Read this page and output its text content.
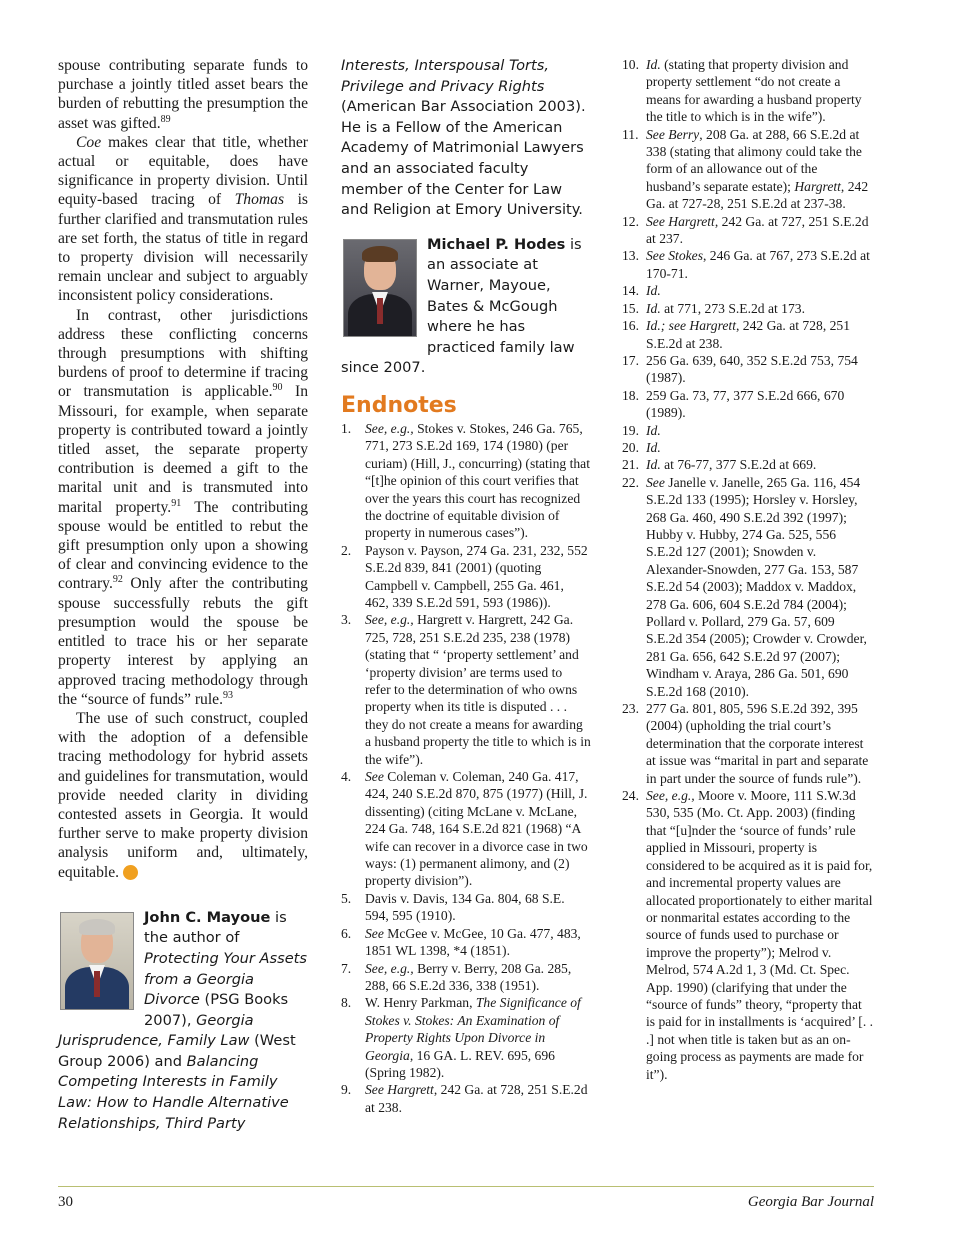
spouse contributing separate funds to purchase a jointly titled asset bears the burden of rebutting the presumption the asset was gifted.$^{89}$

Coe makes clear that title, whether actual or equitable, does have significance in property division. Until equity-based tracing of Thomas is further clarified and transmutation rules are set forth, the status of title in regard to property division will necessarily remain unclear and subject to arguably inconsistent policy considerations.

In contrast, other jurisdictions address these conflicting concerns through presumptions with shifting burdens of proof to determine if tracing or transmutation is applicable.$^{90}$ In Missouri, for example, when separate property is contributed toward a jointly titled asset, the separate property contribution is deemed a gift to the marital unit and is transmuted into marital property.$^{91}$ The contributing spouse would be entitled to rebut the gift presumption only upon a showing of clear and convincing evidence to the contrary.$^{92}$ Only after the contributing spouse successfully rebuts the gift presumption would the spouse be entitled to trace his or her separate property interest by applying an approved tracing methodology through the “source of funds” rule.$^{93}$

The use of such construct, coupled with the adoption of a defensible tracing methodology for hybrid assets and guidelines for transmutation, would provide needed clarity in dividing contested assets in Georgia. It would further serve to make property division analysis uniform and, ultimately, equitable.	GBJ

John C. Mayoue is the author of Protecting Your Assets from a Georgia Divorce (PSG Books 2007), Georgia Jurisprudence, Family Law (West Group 2006) and Balancing Competing Interests in Family Law: How to Handle Alternative Relationships, Third Party
Interests, Interspousal Torts, Privilege and Privacy Rights (American Bar Association 2003). He is a Fellow of the American Academy of Matrimonial Lawyers and an associated faculty member of the Center for Law and Religion at Emory University.
Michael P. Hodes is an associate at Warner, Mayoue, Bates & McGough where he has practiced family law since 2007.
Endnotes
1.	See, e.g., Stokes v. Stokes, 246 Ga. 765, 771, 273 S.E.2d 169, 174 (1980) (per curiam) (Hill, J., concurring) (stating that “[t]he opinion of this court verifies that over the years this court has recognized the doctrine of equitable division of property in numerous cases”).
2.	Payson v. Payson, 274 Ga. 231, 232, 552 S.E.2d 839, 841 (2001) (quoting Campbell v. Campbell, 255 Ga. 461, 462, 339 S.E.2d 591, 593 (1986)).
3.	See, e.g., Hargrett v. Hargrett, 242 Ga. 725, 728, 251 S.E.2d 235, 238 (1978) (stating that “ ‘property settlement’ and ‘property division’ are terms used to refer to the determination of who owns property when its title is disputed . . . they do not create a means for awarding a husband property the title to which is in the wife”).
4.	See Coleman v. Coleman, 240 Ga. 417, 424, 240 S.E.2d 870, 875 (1977) (Hill, J. dissenting) (citing McLane v. McLane, 224 Ga. 748, 164 S.E.2d 821 (1968) “A wife can recover in a divorce case in two ways: (1) permanent alimony, and (2) property division”).
5.	Davis v. Davis, 134 Ga. 804, 68 S.E. 594, 595 (1910).
6.	See McGee v. McGee, 10 Ga. 477, 483, 1851 WL 1398, *4 (1851).
7.	See, e.g., Berry v. Berry, 208 Ga. 285, 288, 66 S.E.2d 336, 338 (1951).
8.	W. Henry Parkman, The Significance of Stokes v. Stokes: An Examination of Property Rights Upon Divorce in Georgia, 16 GA. L. REV. 695, 696 (Spring 1982).
9.	See Hargrett, 242 Ga. at 728, 251 S.E.2d at 238.
10. Id. (stating that property division and property settlement “do not create a means for awarding a husband property the title to which is in the wife”).
11. See Berry, 208 Ga. at 288, 66 S.E.2d at 338 (stating that alimony could take the form of an allowance out of the husband’s separate estate); Hargrett, 242 Ga. at 727-28, 251 S.E.2d at 237-38.
12. See Hargrett, 242 Ga. at 727, 251 S.E.2d at 237.
13. See Stokes, 246 Ga. at 767, 273 S.E.2d at 170-71.
14. Id.
15. Id. at 771, 273 S.E.2d at 173.
16. Id.; see Hargrett, 242 Ga. at 728, 251 S.E.2d at 238.
17. 256 Ga. 639, 640, 352 S.E.2d 753, 754 (1987).
18. 259 Ga. 73, 77, 377 S.E.2d 666, 670 (1989).
19. Id.
20. Id.
21. Id. at 76-77, 377 S.E.2d at 669.
22. See Janelle v. Janelle, 265 Ga. 116, 454 S.E.2d 133 (1995); Horsley v. Horsley, 268 Ga. 460, 490 S.E.2d 392 (1997); Hubby v. Hubby, 274 Ga. 525, 556 S.E.2d 127 (2001); Snowden v. Alexander-Snowden, 277 Ga. 153, 587 S.E.2d 54 (2003); Maddox v. Maddox, 278 Ga. 606, 604 S.E.2d 784 (2004); Pollard v. Pollard, 279 Ga. 57, 609 S.E.2d 354 (2005); Crowder v. Crowder, 281 Ga. 656, 642 S.E.2d 97 (2007); Windham v. Araya, 286 Ga. 501, 690 S.E.2d 168 (2010).
23. 277 Ga. 801, 805, 596 S.E.2d 392, 395 (2004) (upholding the trial court’s determination that the corporate interest at issue was “marital in part and separate in part under the source of funds rule”).
24. See, e.g., Moore v. Moore, 111 S.W.3d 530, 535 (Mo. Ct. App. 2003) (finding that “[u]nder the ‘source of funds’ rule applied in Missouri, property is considered to be acquired as it is paid for, and incremental property values are allocated proportionately to either marital or nonmarital estates according to the source of funds used to purchase or improve the property”); Melrod v. Melrod, 574 A.2d 1, 3 (Md. Ct. Spec. App. 1990) (clarifying that under the “source of funds” theory, “property that is paid for in installments is ‘acquired’ [. . .] not when title is taken but as an on-going process as payments are made for it”).
30	Georgia Bar Journal
